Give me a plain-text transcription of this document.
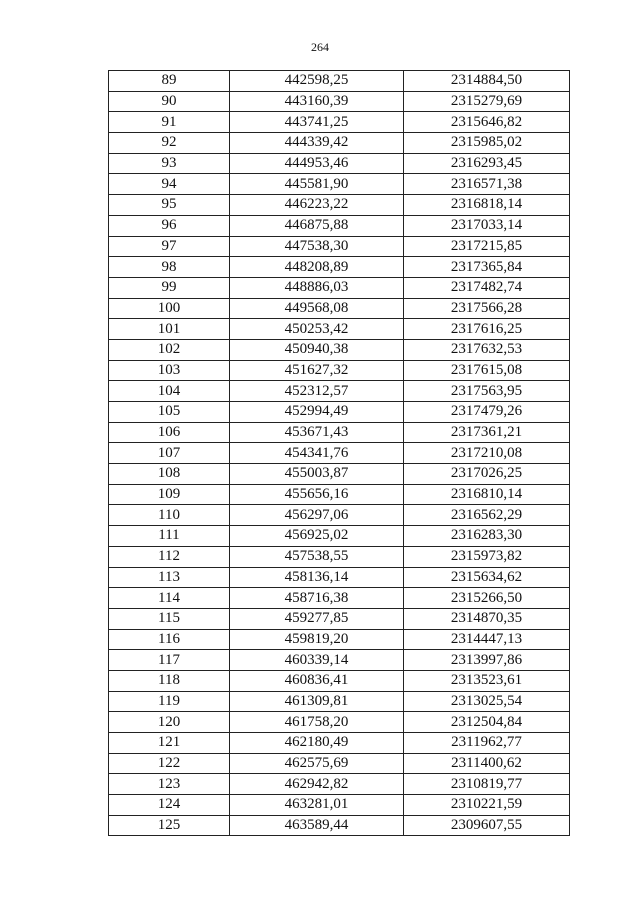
264
89	442598,25	2314884,50
90	443160,39	2315279,69
91	443741,25	2315646,82
92	444339,42	2315985,02
93	444953,46	2316293,45
94	445581,90	2316571,38
95	446223,22	2316818,14
96	446875,88	2317033,14
97	447538,30	2317215,85
98	448208,89	2317365,84
99	448886,03	2317482,74
100	449568,08	2317566,28
101	450253,42	2317616,25
102	450940,38	2317632,53
103	451627,32	2317615,08
104	452312,57	2317563,95
105	452994,49	2317479,26
106	453671,43	2317361,21
107	454341,76	2317210,08
108	455003,87	2317026,25
109	455656,16	2316810,14
110	456297,06	2316562,29
111	456925,02	2316283,30
112	457538,55	2315973,82
113	458136,14	2315634,62
114	458716,38	2315266,50
115	459277,85	2314870,35
116	459819,20	2314447,13
117	460339,14	2313997,86
118	460836,41	2313523,61
119	461309,81	2313025,54
120	461758,20	2312504,84
121	462180,49	2311962,77
122	462575,69	2311400,62
123	462942,82	2310819,77
124	463281,01	2310221,59
125	463589,44	2309607,55
